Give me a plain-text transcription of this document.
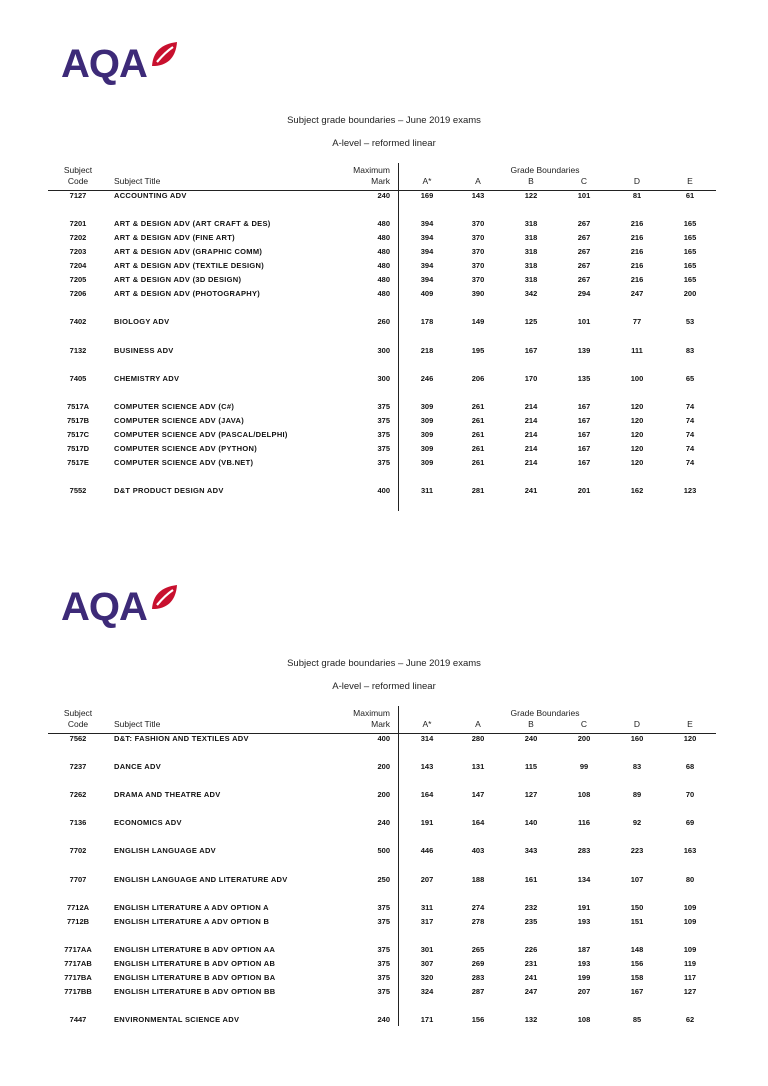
AQA
Subject grade boundaries – June 2019 exams
A-level – reformed linear
Subject
Code	Subject Title
Maximum
Mark
Grade Boundaries
A*	A	B	C	D	E
7127	ACCOUNTING ADV	240	169	143	122	101	81	61
7201	ART & DESIGN ADV (ART CRAFT & DES)	480	394	370	318	267	216	165
7202	ART & DESIGN ADV (FINE ART)	480	394	370	318	267	216	165
7203	ART & DESIGN ADV (GRAPHIC COMM)	480	394	370	318	267	216	165
7204	ART & DESIGN ADV (TEXTILE DESIGN)	480	394	370	318	267	216	165
7205	ART & DESIGN ADV (3D DESIGN)	480	394	370	318	267	216	165
7206	ART & DESIGN ADV (PHOTOGRAPHY)	480	409	390	342	294	247	200
7402	BIOLOGY ADV	260	178	149	125	101	77	53
7132	BUSINESS ADV	300	218	195	167	139	111	83
7405	CHEMISTRY ADV	300	246	206	170	135	100	65
7517A	COMPUTER SCIENCE ADV (C#)	375	309	261	214	167	120	74
7517B	COMPUTER SCIENCE ADV (JAVA)	375	309	261	214	167	120	74
7517C	COMPUTER SCIENCE ADV (PASCAL/DELPHI)	375	309	261	214	167	120	74
7517D	COMPUTER SCIENCE ADV (PYTHON)	375	309	261	214	167	120	74
7517E	COMPUTER SCIENCE ADV (VB.NET)	375	309	261	214	167	120	74
7552	D&T PRODUCT DESIGN ADV	400	311	281	241	201	162	123
AQA
Subject grade boundaries – June 2019 exams
A-level – reformed linear
Subject
Code	Subject Title
Maximum
Mark
Grade Boundaries
A*	A	B	C	D	E
7562	D&T: FASHION AND TEXTILES ADV	400	314	280	240	200	160	120
7237	DANCE ADV	200	143	131	115	99	83	68
7262	DRAMA AND THEATRE ADV	200	164	147	127	108	89	70
7136	ECONOMICS ADV	240	191	164	140	116	92	69
7702	ENGLISH LANGUAGE ADV	500	446	403	343	283	223	163
7707	ENGLISH LANGUAGE AND LITERATURE ADV	250	207	188	161	134	107	80
7712A	ENGLISH LITERATURE A ADV OPTION A	375	311	274	232	191	150	109
7712B	ENGLISH LITERATURE A ADV OPTION B	375	317	278	235	193	151	109
7717AA	ENGLISH LITERATURE B ADV OPTION AA	375	301	265	226	187	148	109
7717AB	ENGLISH LITERATURE B ADV OPTION AB	375	307	269	231	193	156	119
7717BA	ENGLISH LITERATURE B ADV OPTION BA	375	320	283	241	199	158	117
7717BB	ENGLISH LITERATURE B ADV OPTION BB	375	324	287	247	207	167	127
7447	ENVIRONMENTAL SCIENCE ADV	240	171	156	132	108	85	62
